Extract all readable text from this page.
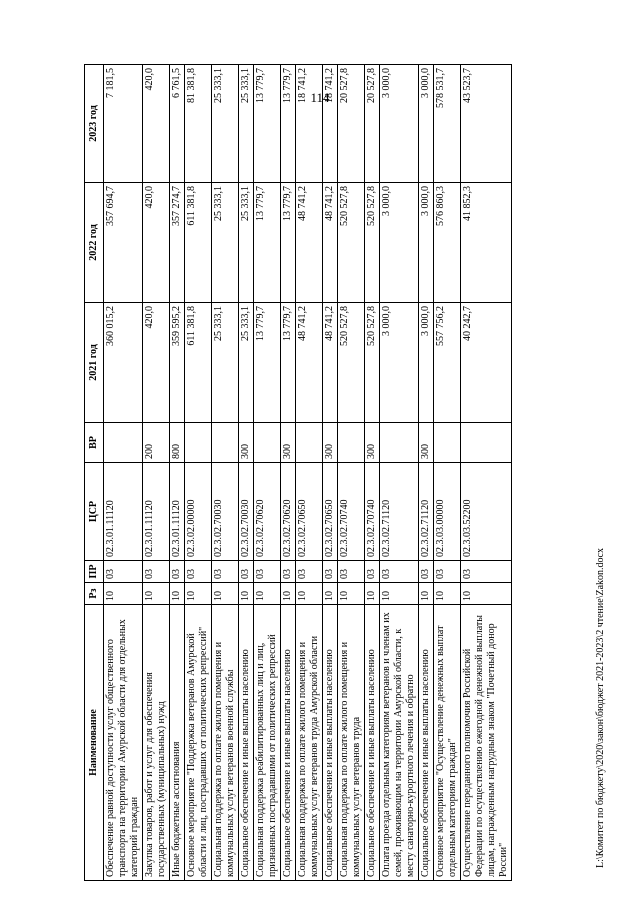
114
Наименование	Рз	ПР	ЦСР	ВР	2021 год	2022 год	2023 год
Обеспечение равной доступности услуг общественного транспорта на территории Амурской области для отдельных категорий граждан	10	03	02.3.01.11120		360 015,2	357 694,7	7 181,5
Закупка товаров, работ и услуг для обеспечения государственных (муниципальных) нужд	10	03	02.3.01.11120	200	420,0	420,0	420,0
Иные бюджетные ассигнования	10	03	02.3.01.11120	800	359 595,2	357 274,7	6 761,5
Основное мероприятие "Поддержка ветеранов Амурской области и лиц, пострадавших от политических репрессий"	10	03	02.3.02.00000		611 381,8	611 381,8	81 381,8
Социальная поддержка по оплате жилого помещения и коммунальных услуг ветеранов военной службы	10	03	02.3.02.70030		25 333,1	25 333,1	25 333,1
Социальное обеспечение и иные выплаты населению	10	03	02.3.02.70030	300	25 333,1	25 333,1	25 333,1
Социальная поддержка реабилитированных лиц и лиц, признанных пострадавшими от политических репрессий	10	03	02.3.02.70620		13 779,7	13 779,7	13 779,7
Социальное обеспечение и иные выплаты населению	10	03	02.3.02.70620	300	13 779,7	13 779,7	13 779,7
Социальная поддержка по оплате жилого помещения и коммунальных услуг ветеранов труда Амурской области	10	03	02.3.02.70650		48 741,2	48 741,2	18 741,2
Социальное обеспечение и иные выплаты населению	10	03	02.3.02.70650	300	48 741,2	48 741,2	18 741,2
Социальная поддержка по оплате жилого помещения и коммунальных услуг ветеранов труда	10	03	02.3.02.70740		520 527,8	520 527,8	20 527,8
Социальное обеспечение и иные выплаты населению	10	03	02.3.02.70740	300	520 527,8	520 527,8	20 527,8
Оплата проезда отдельным категориям ветеранов и членам их семей, проживающим на территории Амурской области, к месту санаторно-курортного лечения и обратно	10	03	02.3.02.71120		3 000,0	3 000,0	3 000,0
Социальное обеспечение и иные выплаты населению	10	03	02.3.02.71120	300	3 000,0	3 000,0	3 000,0
Основное мероприятие "Осуществление денежных выплат отдельным категориям граждан"	10	03	02.3.03.00000		557 756,2	576 860,3	578 531,7
Осуществление переданного полномочия Российской Федерации по осуществлению ежегодной денежной выплаты лицам, награжденным нагрудным знаком "Почетный донор России"	10	03	02.3.03.52200		40 242,7	41 852,3	43 523,7
L:\Комитет по бюджету\2020\закон\бюджет 2021-2023\2 чтение\Zakon.docx
